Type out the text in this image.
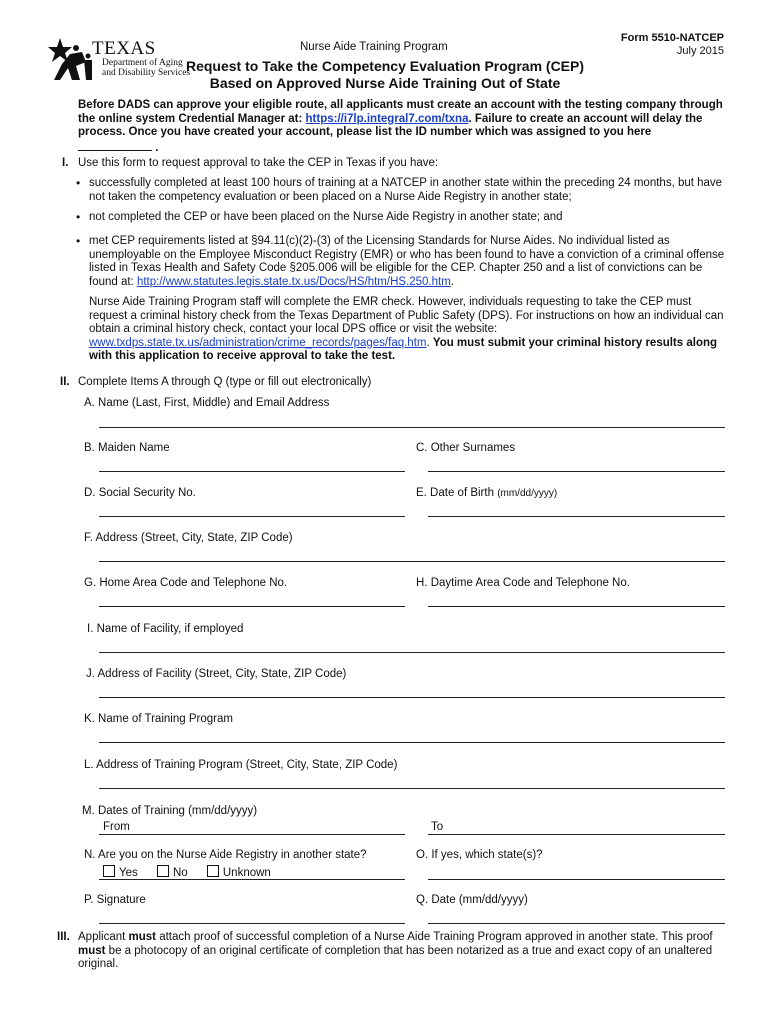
TEXAS
Department of Aging
and Disability Services
Nurse Aide Training Program
Form 5510-NATCEP
July 2015
Request to Take the Competency Evaluation Program (CEP)
Based on Approved Nurse Aide Training Out of State
Before DADS can approve your eligible route, all applicants must create an account with the testing company through the online system Credential Manager at: https://i7lp.integral7.com/txna. Failure to create an account will delay the process. Once you have created your account, please list the ID number which was assigned to you here .
I. Use this form to request approval to take the CEP in Texas if you have:
• successfully completed at least 100 hours of training at a NATCEP in another state within the preceding 24 months, but have not taken the competency evaluation or been placed on a Nurse Aide Registry in another state;
• not completed the CEP or have been placed on the Nurse Aide Registry in another state; and
• met CEP requirements listed at §94.11(c)(2)-(3) of the Licensing Standards for Nurse Aides. No individual listed as unemployable on the Employee Misconduct Registry (EMR) or who has been found to have a conviction of a criminal offense listed in Texas Health and Safety Code §205.006 will be eligible for the CEP. Chapter 250 and a list of convictions can be found at: http://www.statutes.legis.state.tx.us/Docs/HS/htm/HS.250.htm.
Nurse Aide Training Program staff will complete the EMR check. However, individuals requesting to take the CEP must request a criminal history check from the Texas Department of Public Safety (DPS). For instructions on how an individual can obtain a criminal history check, contact your local DPS office or visit the website: www.txdps.state.tx.us/administration/crime_records/pages/faq.htm. You must submit your criminal history results along with this application to receive approval to take the test.
II. Complete Items A through Q (type or fill out electronically)
A. Name (Last, First, Middle) and Email Address
B. Maiden Name	C. Other Surnames
D. Social Security No.	E. Date of Birth (mm/dd/yyyy)
F. Address (Street, City, State, ZIP Code)
G. Home Area Code and Telephone No.	H. Daytime Area Code and Telephone No.
I. Name of Facility, if employed
J. Address of Facility (Street, City, State, ZIP Code)
K. Name of Training Program
L. Address of Training Program (Street, City, State, ZIP Code)
M. Dates of Training (mm/dd/yyyy)
From	To
N. Are you on the Nurse Aide Registry in another state?
Yes	No	Unknown
O. If yes, which state(s)?
P. Signature	Q. Date (mm/dd/yyyy)
III. Applicant must attach proof of successful completion of a Nurse Aide Training Program approved in another state. This proof must be a photocopy of an original certificate of completion that has been notarized as a true and exact copy of an unaltered original.
